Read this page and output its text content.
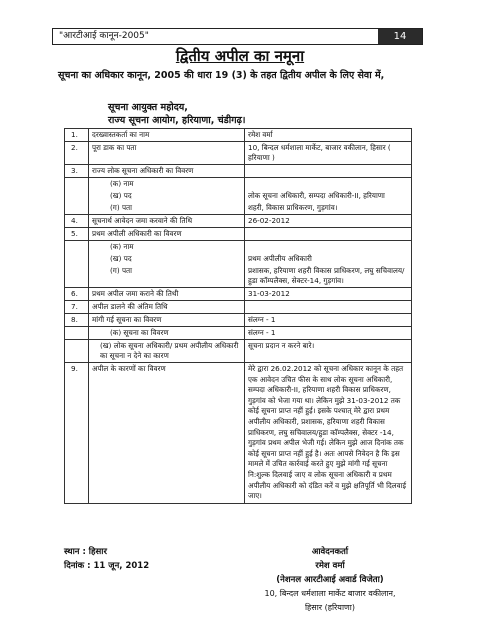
"आरटीआई कानून-2005"	14
द्वितीय अपील का नमूना
सूचना का अधिकार कानून, 2005 की धारा 19 (3) के तहत द्वितीय अपील के लिए सेवा में,
सूचना आयुक्त महोदय,
राज्य सूचना आयोग, हरियाणा, चंडीगढ़।
1.	दरख्वास्तकर्ता का नाम	रमेश वर्मा
2.	पूरा डाक का पता	10, बिन्दल धर्मशाला मार्केट, बाजार वकीलान, हिसार ( हरियाणा )
3.	राज्य लोक सूचना अधिकारी का विवरण	
	(क) नाम	
	(ख) पद	लोक सूचना अधिकारी, सम्पदा अधिकारी-II, हरियाणा
	(ग) पता	शहरी, विकास प्राधिकरण, गुड़गांव।
4.	सूचनार्थ आवेदन जमा करवाने की तिथि	26-02-2012
5.	प्रथम अपीली अधिकारी का विवरण	
	(क) नाम	
	(ख) पद	प्रथम अपीलीय अधिकारी
	(ग) पता	प्रशासक, हरियाणा शहरी विकास प्राधिकरण, लघु सचिवालय/हुडा कॉम्पलैक्स, सेक्टर-14, गुड़गांव।
6.	प्रथम अपील जमा कराने की तिथी	31-03-2012
7.	अपील डालने की अंतिम तिथि	
8.	मांगी गई सूचना का विवरण	संलग्न - 1
	(क) सूचना का विवरण	संलग्न - 1
	(ख) लोक सूचना अधिकारी/ प्रथम अपीलीय अधिकारी का सूचना न देने का कारण	सूचना प्रदान न करने बारे।
9.	अपील के कारणों का विवरण	मेरे द्वारा 26.02.2012 को सूचना अधिकार कानून के तहत एक आवेदन उचित फीस के साथ लोक सूचना अधिकारी, सम्पदा अधिकारी-II, हरियाणा शहरी विकास प्राधिकरण, गुड़गांव को भेजा गया था। लेकिन मुझे 31-03-2012 तक कोई सूचना प्राप्त नहीं हुई। इसके पश्चात् मेरे द्वारा प्रथम अपीलीय अधिकारी, प्रशासक, हरियाणा शहरी विकास प्राधिकरण, लघु सचिवालय/हुडा कॉम्पलैक्स, सेक्टर -14, गुड़गांव प्रथम अपील भेजी गई। लेकिन मुझे आज दिनांक तक कोई सूचना प्राप्त नहीं हुई है। अतः आपसे निवेदन है कि इस मामले में उचित कार्रवाई करते हुए मुझे मांगी गई सूचना नि:शुल्क दिलवाई जाए व लोक सूचना अधिकारी व प्रथम अपीलीय अधिकारी को दंडित करें व मुझे क्षतिपूर्ति भी दिलवाई जाए।
स्थान : हिसार
दिनांक : 11 जून, 2012
आवेदनकर्ता
रमेश वर्मा
(नेशनल आरटीआई अवार्ड विजेता)
10, बिन्दल धर्मशाला मार्केट बाजार वकीलान,
हिसार (हरियाणा)
